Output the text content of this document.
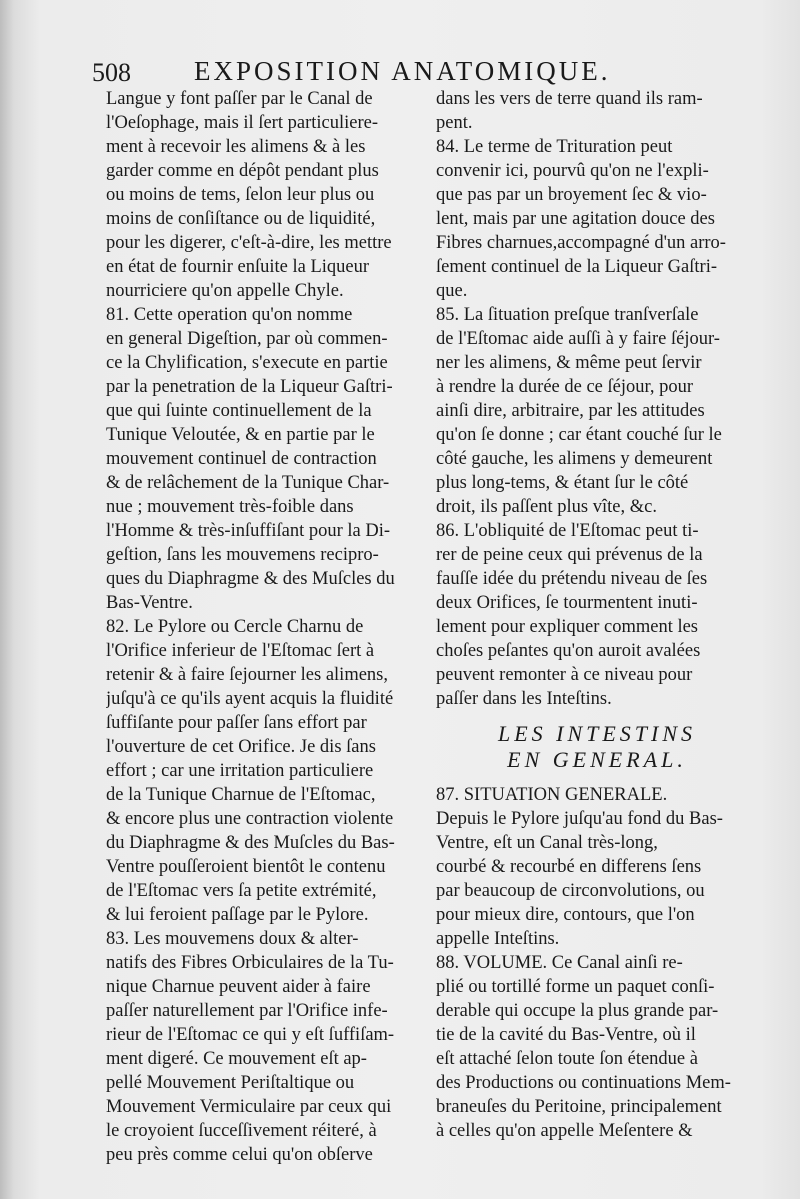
508 EXPOSITION ANATOMIQUE.
Langue y font paſſer par le Canal de
l'Oeſophage, mais il ſert particuliere-
ment à recevoir les alimens & à les
garder comme en dépôt pendant plus
ou moins de tems, ſelon leur plus ou
moins de conſiſtance ou de liquidité,
pour les digerer, c'eſt-à-dire, les mettre
en état de fournir enſuite la Liqueur
nourriciere qu'on appelle Chyle.
81. Cette operation qu'on nomme
en general Digeſtion, par où commen-
ce la Chylification, s'execute en partie
par la penetration de la Liqueur Gaſtri-
que qui ſuinte continuellement de la
Tunique Veloutée, & en partie par le
mouvement continuel de contraction
& de relâchement de la Tunique Char-
nue ; mouvement très-foible dans
l'Homme & très-inſuffiſant pour la Di-
geſtion, ſans les mouvemens recipro-
ques du Diaphragme & des Muſcles du
Bas-Ventre.
82. Le Pylore ou Cercle Charnu de
l'Orifice inferieur de l'Eſtomac ſert à
retenir & à faire ſejourner les alimens,
juſqu'à ce qu'ils ayent acquis la fluidité
ſuffiſante pour paſſer ſans effort par
l'ouverture de cet Orifice. Je dis ſans
effort ; car une irritation particuliere
de la Tunique Charnue de l'Eſtomac,
& encore plus une contraction violente
du Diaphragme & des Muſcles du Bas-
Ventre pouſſeroient bientôt le contenu
de l'Eſtomac vers ſa petite extrémité,
& lui feroient paſſage par le Pylore.
83. Les mouvemens doux & alter-
natifs des Fibres Orbiculaires de la Tu-
nique Charnue peuvent aider à faire
paſſer naturellement par l'Orifice infe-
rieur de l'Eſtomac ce qui y eſt ſuffiſam-
ment digeré. Ce mouvement eſt ap-
pellé Mouvement Periſtaltique ou
Mouvement Vermiculaire par ceux qui
le croyoient ſucceſſivement réiteré, à
peu près comme celui qu'on obſerve
dans les vers de terre quand ils ram-
pent.
84. Le terme de Trituration peut
convenir ici, pourvû qu'on ne l'expli-
que pas par un broyement ſec & vio-
lent, mais par une agitation douce des
Fibres charnues,accompagné d'un arro-
ſement continuel de la Liqueur Gaſtri-
que.
85. La ſituation preſque tranſverſale
de l'Eſtomac aide auſſi à y faire ſéjour-
ner les alimens, & même peut ſervir
à rendre la durée de ce ſéjour, pour
ainſi dire, arbitraire, par les attitudes
qu'on ſe donne ; car étant couché ſur le
côté gauche, les alimens y demeurent
plus long-tems, & étant ſur le côté
droit, ils paſſent plus vîte, &c.
86. L'obliquité de l'Eſtomac peut ti-
rer de peine ceux qui prévenus de la
fauſſe idée du prétendu niveau de ſes
deux Orifices, ſe tourmentent inuti-
lement pour expliquer comment les
choſes peſantes qu'on auroit avalées
peuvent remonter à ce niveau pour
paſſer dans les Inteſtins.
LES INTESTINS
EN GENERAL.
87. SITUATION GENERALE.
Depuis le Pylore juſqu'au fond du Bas-
Ventre, eſt un Canal très-long,
courbé & recourbé en differens ſens
par beaucoup de circonvolutions, ou
pour mieux dire, contours, que l'on
appelle Inteſtins.
88. VOLUME. Ce Canal ainſi re-
plié ou tortillé forme un paquet conſi-
derable qui occupe la plus grande par-
tie de la cavité du Bas-Ventre, où il
eſt attaché ſelon toute ſon étendue à
des Productions ou continuations Mem-
braneuſes du Peritoine, principalement
à celles qu'on appelle Meſentere &
